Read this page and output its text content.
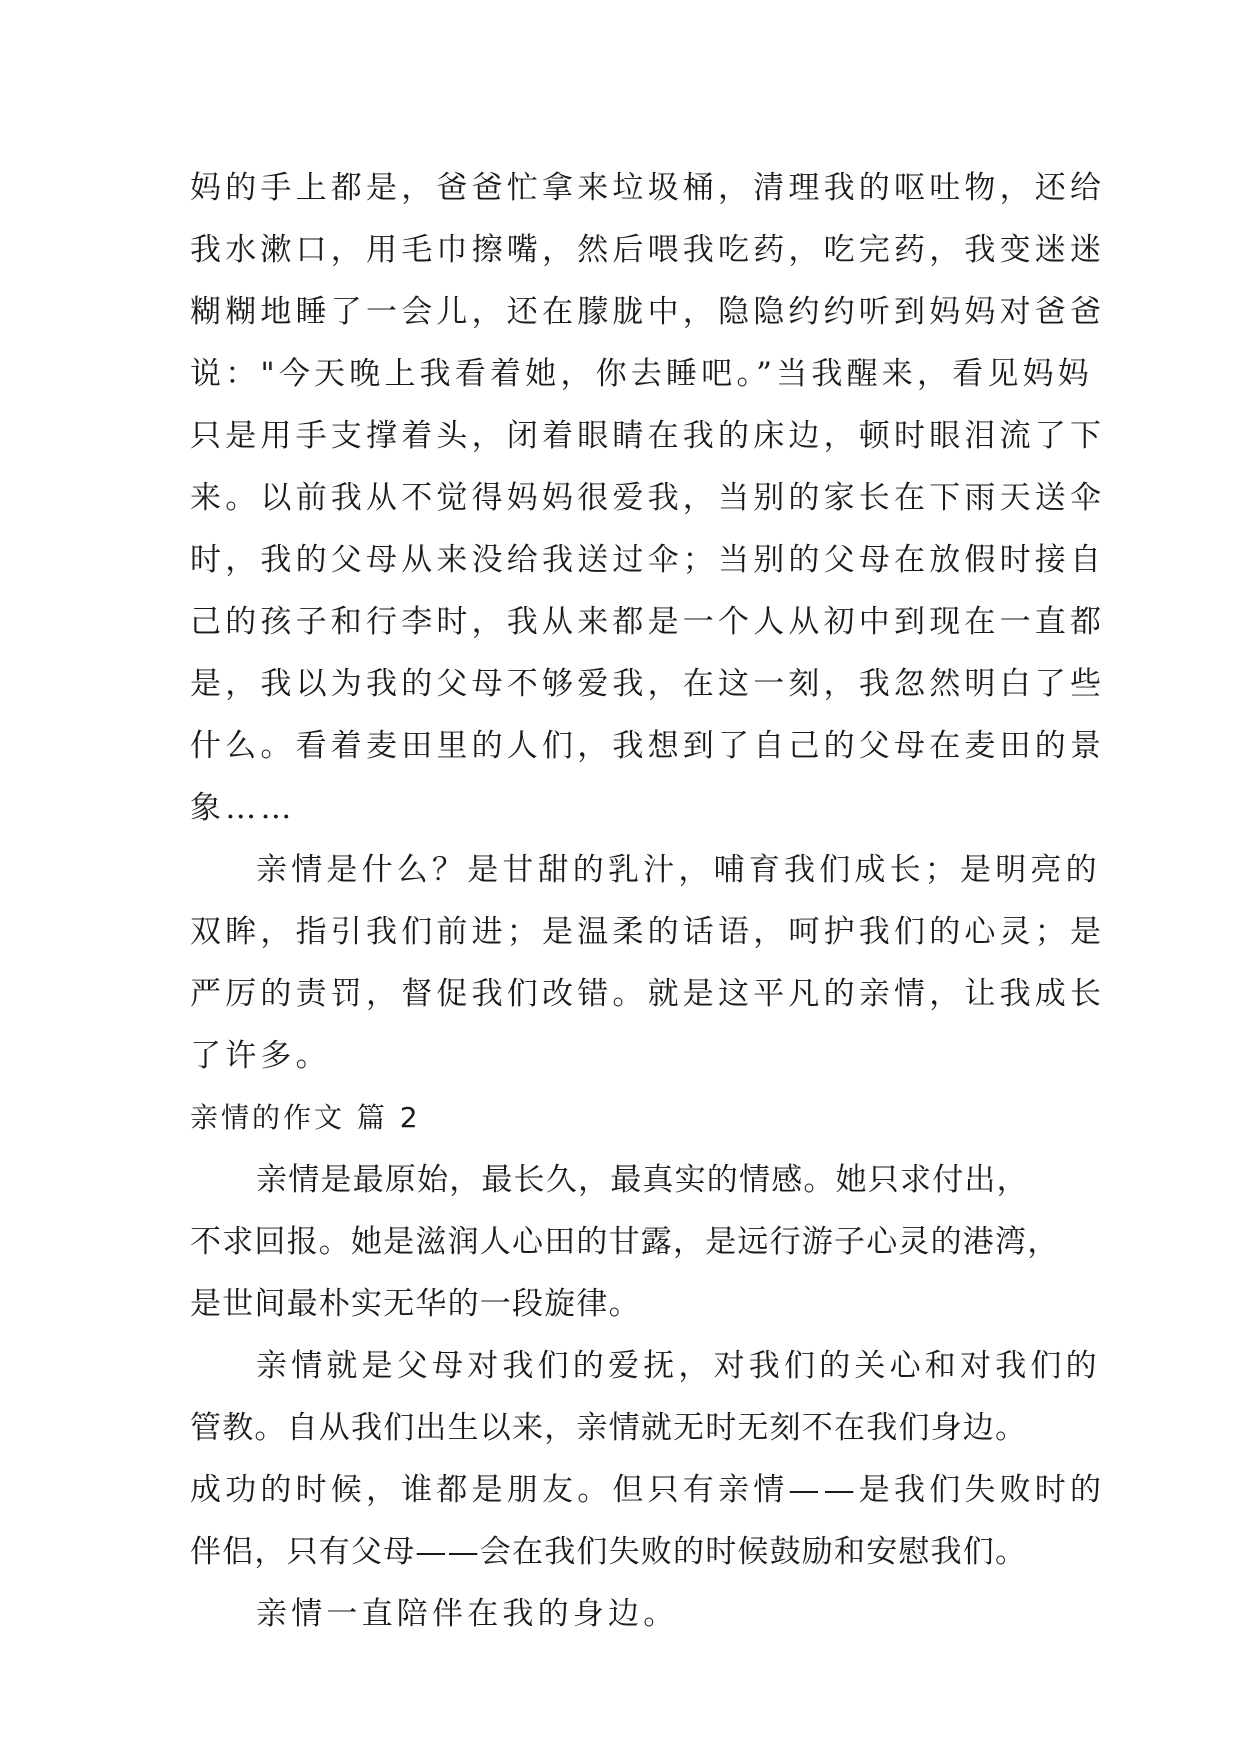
妈的手上都是，爸爸忙拿来垃圾桶，清理我的呕吐物，还给
我水漱口，用毛巾擦嘴，然后喂我吃药，吃完药，我变迷迷
糊糊地睡了一会儿，还在朦胧中，隐隐约约听到妈妈对爸爸
说："今天晚上我看着她，你去睡吧。”当我醒来，看见妈妈
只是用手支撑着头，闭着眼睛在我的床边，顿时眼泪流了下
来。以前我从不觉得妈妈很爱我，当别的家长在下雨天送伞
时，我的父母从来没给我送过伞；当别的父母在放假时接自
己的孩子和行李时，我从来都是一个人从初中到现在一直都
是，我以为我的父母不够爱我，在这一刻，我忽然明白了些
什么。看着麦田里的人们，我想到了自己的父母在麦田的景
象……
亲情是什么？是甘甜的乳汁，哺育我们成长；是明亮的
双眸，指引我们前进；是温柔的话语，呵护我们的心灵；是
严厉的责罚，督促我们改错。就是这平凡的亲情，让我成长
了许多。
亲情的作文 篇 2
亲情是最原始，最长久，最真实的情感。她只求付出，
不求回报。她是滋润人心田的甘露，是远行游子心灵的港湾，
是世间最朴实无华的一段旋律。
亲情就是父母对我们的爱抚，对我们的关心和对我们的
管教。自从我们出生以来，亲情就无时无刻不在我们身边。
成功的时候，谁都是朋友。但只有亲情——是我们失败时的
伴侣，只有父母——会在我们失败的时候鼓励和安慰我们。
亲情一直陪伴在我的身边。
